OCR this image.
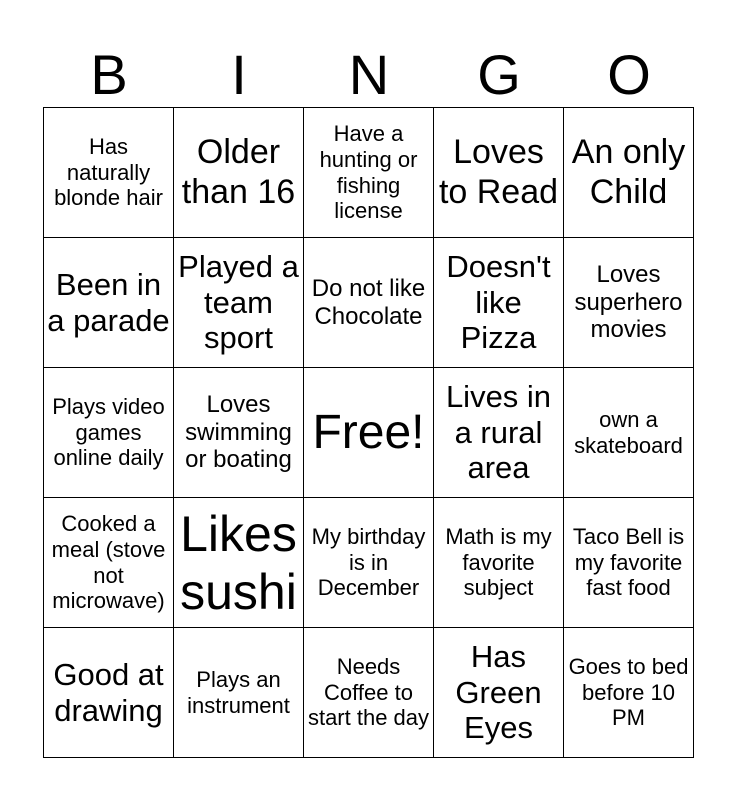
B	I	N	G	O
Has naturally blonde hair	Older than 16	Have a hunting or fishing license	Loves to Read	An only Child
Been in a parade	Played a team sport	Do not like Chocolate	Doesn't like Pizza	Loves superhero movies
Plays video games online daily	Loves swimming or boating	Free!	Lives in a rural area	own a skateboard
Cooked a meal (stove not microwave)	Likes sushi	My birthday is in December	Math is my favorite subject	Taco Bell is my favorite fast food
Good at drawing	Plays an instrument	Needs Coffee to start the day	Has Green Eyes	Goes to bed before 10 PM
